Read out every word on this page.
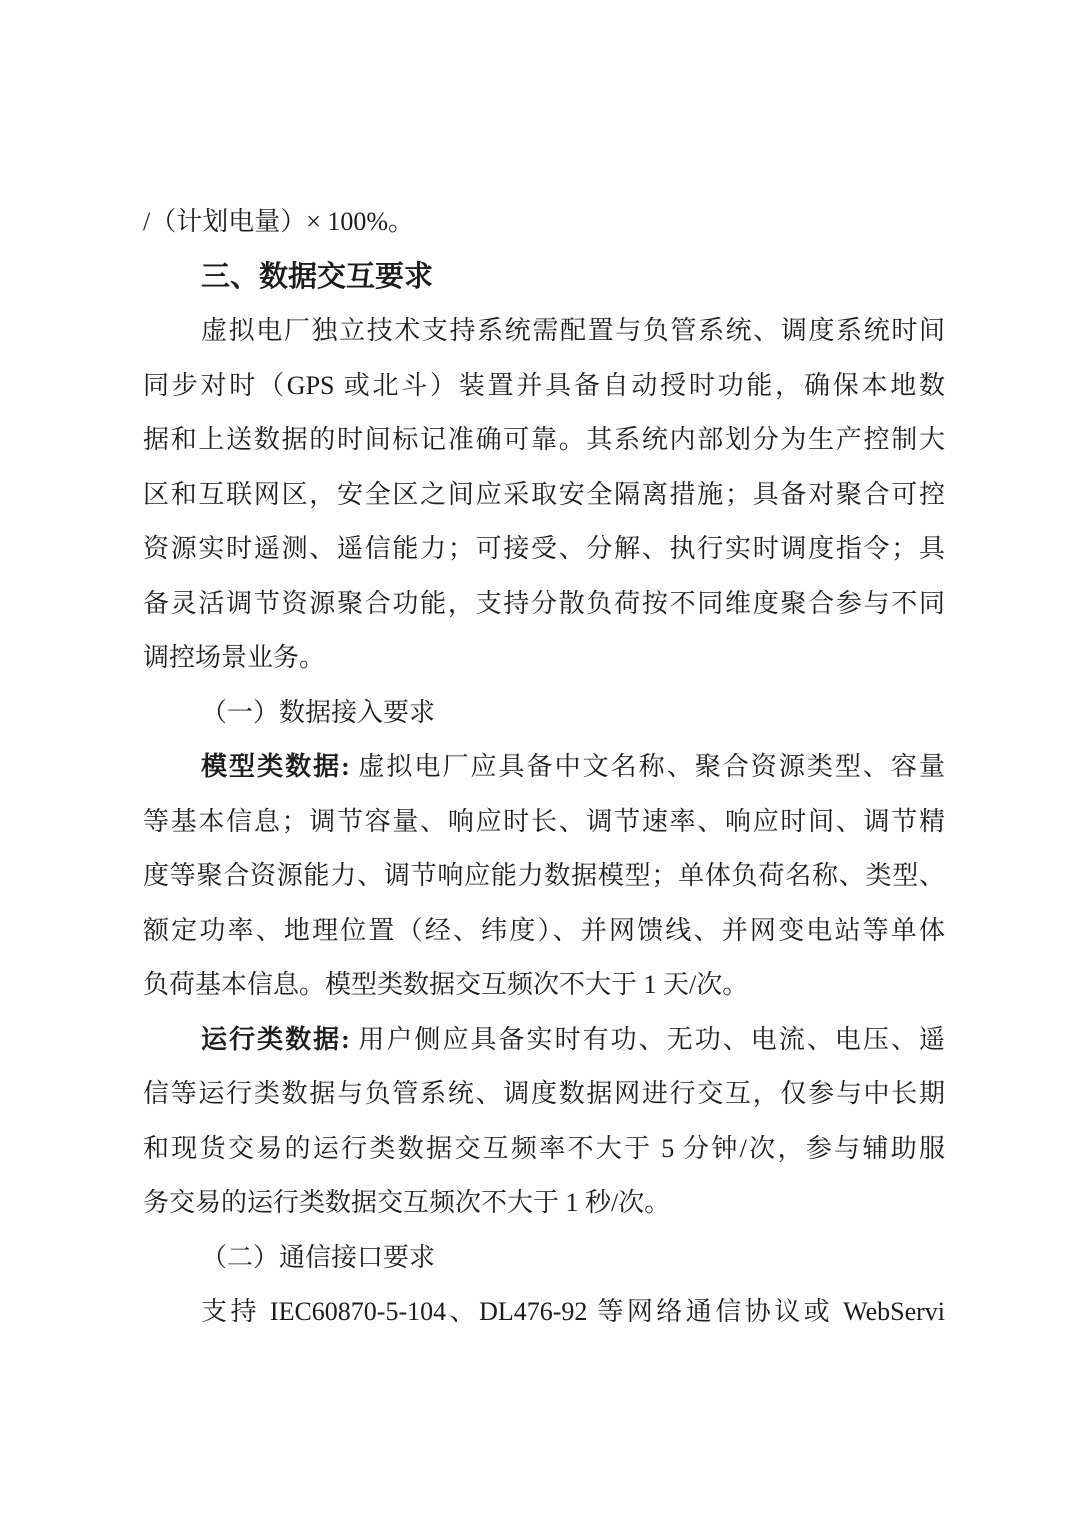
/（计划电量）× 100%。
三、数据交互要求
虚拟电厂独立技术支持系统需配置与负管系统、调度系统时间
同步对时（GPS 或北斗）装置并具备自动授时功能，确保本地数
据和上送数据的时间标记准确可靠。其系统内部划分为生产控制大
区和互联网区，安全区之间应采取安全隔离措施；具备对聚合可控
资源实时遥测、遥信能力；可接受、分解、执行实时调度指令；具
备灵活调节资源聚合功能，支持分散负荷按不同维度聚合参与不同
调控场景业务。
（一）数据接入要求
模型类数据: 虚拟电厂应具备中文名称、聚合资源类型、容量
等基本信息；调节容量、响应时长、调节速率、响应时间、调节精
度等聚合资源能力、调节响应能力数据模型；单体负荷名称、类型、
额定功率、地理位置（经、纬度）、并网馈线、并网变电站等单体
负荷基本信息。模型类数据交互频次不大于 1 天/次。
运行类数据: 用户侧应具备实时有功、无功、电流、电压、遥
信等运行类数据与负管系统、调度数据网进行交互，仅参与中长期
和现货交易的运行类数据交互频率不大于 5 分钟/次，参与辅助服
务交易的运行类数据交互频次不大于 1 秒/次。
（二）通信接口要求
支持 IEC60870-5-104、DL476-92 等网络通信协议或 WebServi
